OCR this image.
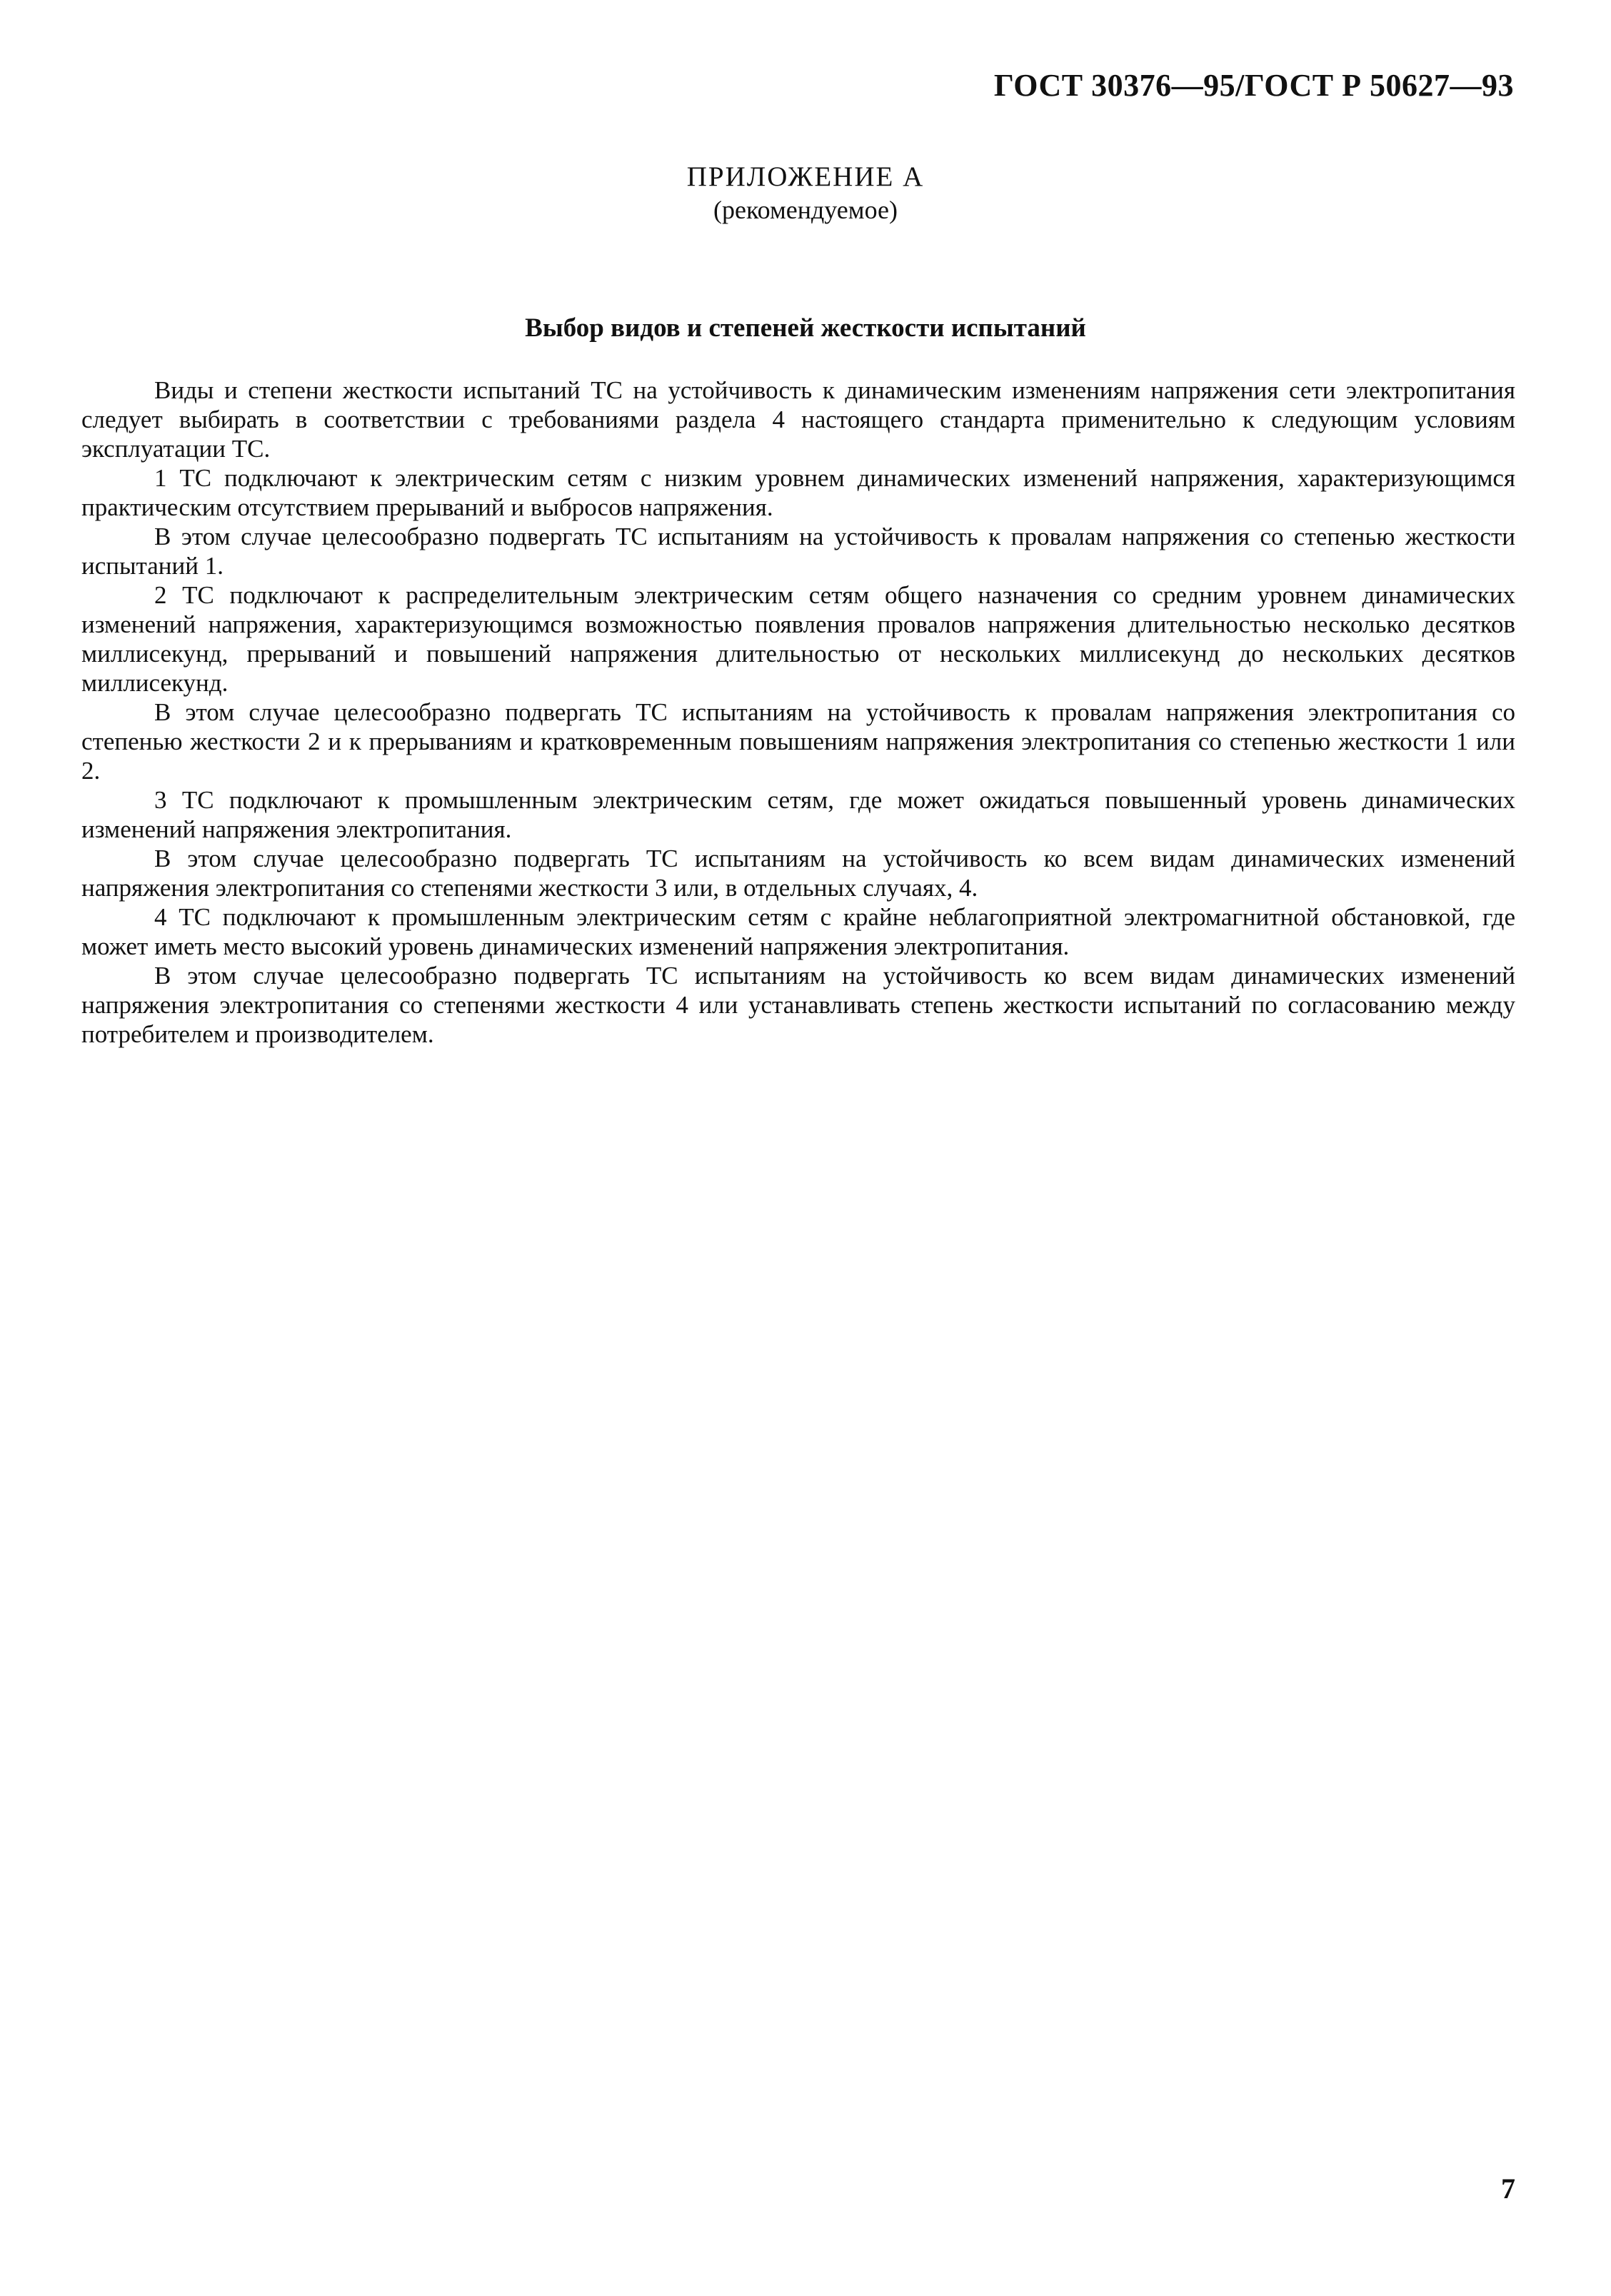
ГОСТ 30376—95/ГОСТ Р 50627—93
ПРИЛОЖЕНИЕ А
(рекомендуемое)
Выбор видов и степеней жесткости испытаний

Виды и степени жесткости испытаний ТС на устойчивость к динамическим изменениям напряжения сети электропитания следует выбирать в соответствии с требованиями раздела 4 настоящего стандарта применительно к следующим условиям эксплуатации ТС.

1 ТС подключают к электрическим сетям с низким уровнем динамических изменений напряжения, характеризующимся практическим отсутствием прерываний и выбросов напряжения.

В этом случае целесообразно подвергать ТС испытаниям на устойчивость к провалам напряжения со степенью жесткости испытаний 1.

2 ТС подключают к распределительным электрическим сетям общего назначения со средним уровнем динамических изменений напряжения, характеризующимся возможностью появления провалов напряжения длительностью несколько десятков миллисекунд, прерываний и повышений напряжения длительностью от нескольких миллисекунд до нескольких десятков миллисекунд.

В этом случае целесообразно подвергать ТС испытаниям на устойчивость к провалам напряжения электропитания со степенью жесткости 2 и к прерываниям и кратковременным повышениям напряжения электропитания со степенью жесткости 1 или 2.

3 ТС подключают к промышленным электрическим сетям, где может ожидаться повышенный уровень динамических изменений напряжения электропитания.

В этом случае целесообразно подвергать ТС испытаниям на устойчивость ко всем видам динамических изменений напряжения электропитания со степенями жесткости 3 или, в отдельных случаях, 4.

4 ТС подключают к промышленным электрическим сетям с крайне неблагоприятной электромагнитной обстановкой, где может иметь место высокий уровень динамических изменений напряжения электропитания.

В этом случае целесообразно подвергать ТС испытаниям на устойчивость ко всем видам динамических изменений напряжения электропитания со степенями жесткости 4 или устанавливать степень жесткости испытаний по согласованию между потребителем и производителем.

7
